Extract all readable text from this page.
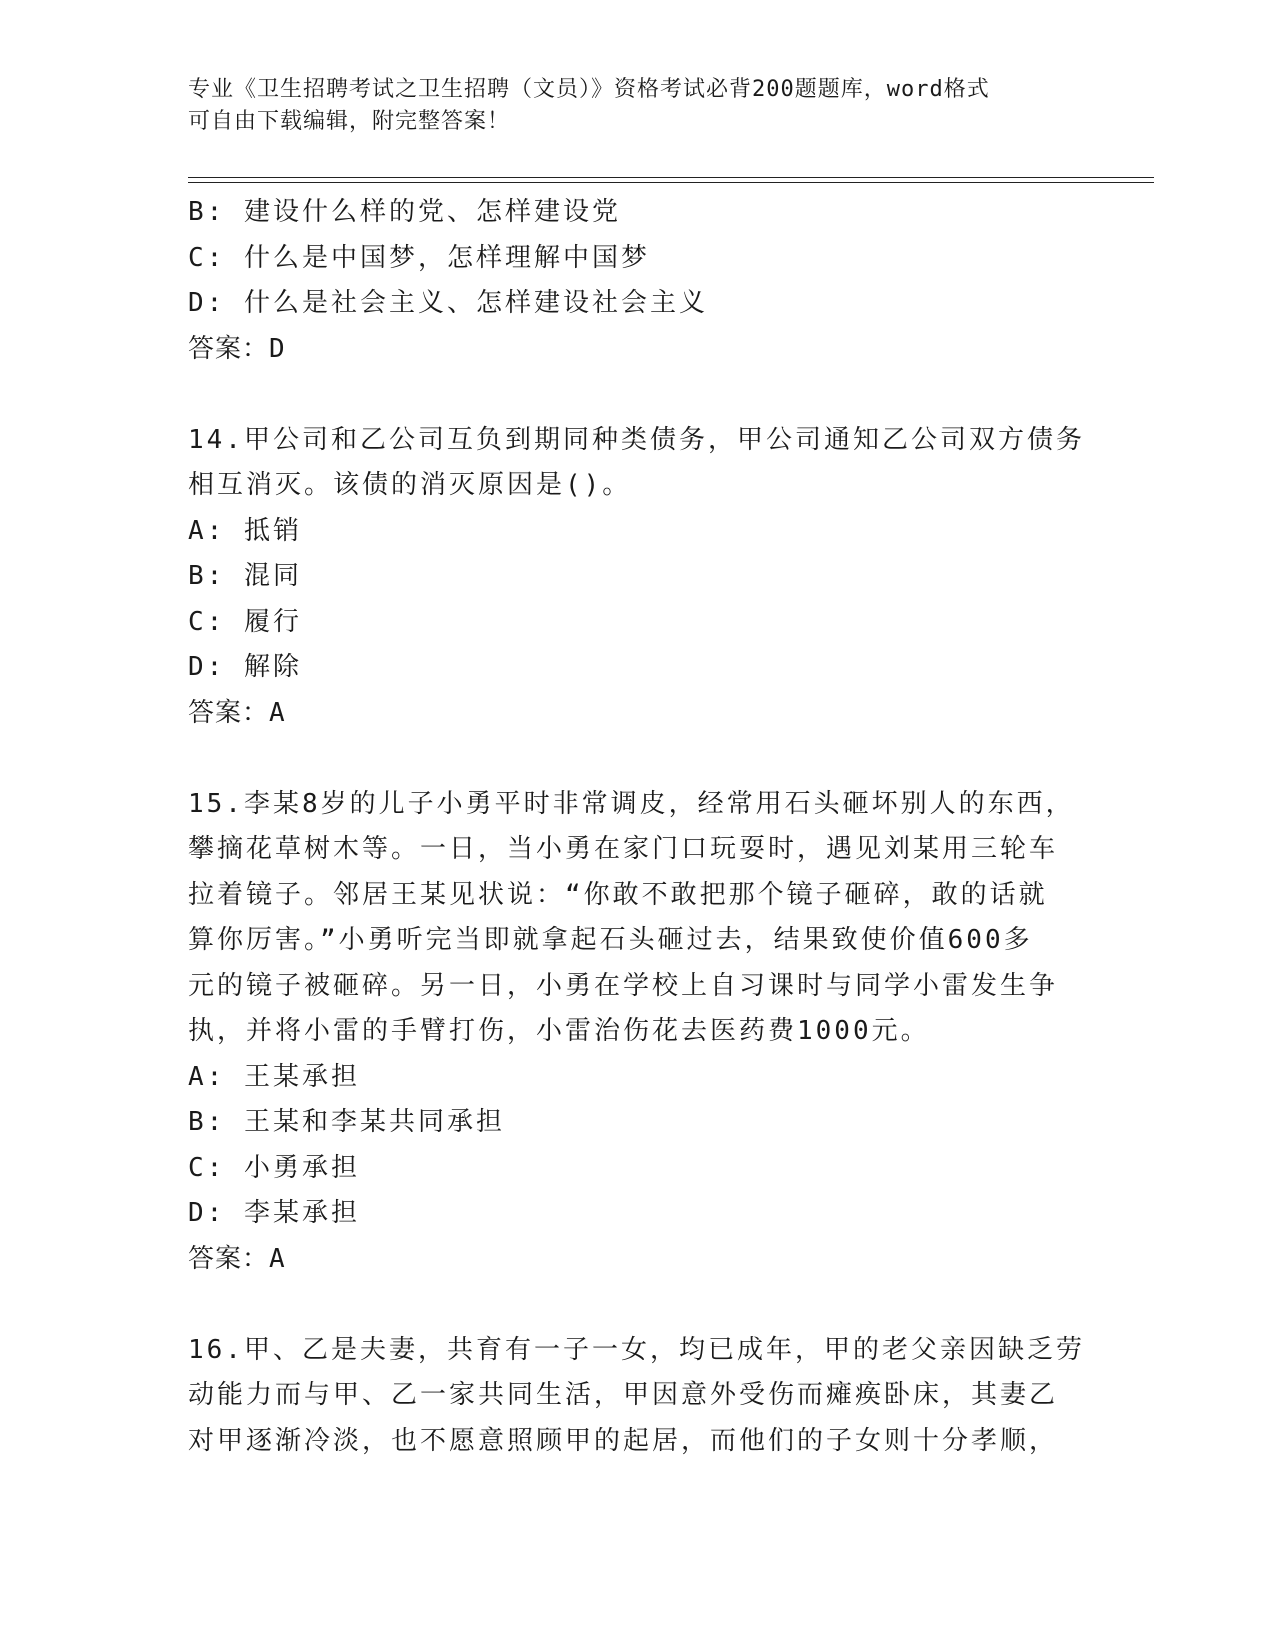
专业《卫生招聘考试之卫生招聘（文员）》资格考试必背200题题库，word格式
可自由下载编辑，附完整答案！
B: 建设什么样的党、怎样建设党
C: 什么是中国梦，怎样理解中国梦
D: 什么是社会主义、怎样建设社会主义
答案：D
14.甲公司和乙公司互负到期同种类债务，甲公司通知乙公司双方债务
相互消灭。该债的消灭原因是()。
A: 抵销
B: 混同
C: 履行
D: 解除
答案：A
15.李某8岁的儿子小勇平时非常调皮，经常用石头砸坏别人的东西，
攀摘花草树木等。一日，当小勇在家门口玩耍时，遇见刘某用三轮车
拉着镜子。邻居王某见状说：“你敢不敢把那个镜子砸碎，敢的话就
算你厉害。”小勇听完当即就拿起石头砸过去，结果致使价值600多
元的镜子被砸碎。另一日，小勇在学校上自习课时与同学小雷发生争
执，并将小雷的手臂打伤，小雷治伤花去医药费1000元。
A: 王某承担
B: 王某和李某共同承担
C: 小勇承担
D: 李某承担
答案：A
16.甲、乙是夫妻，共育有一子一女，均已成年，甲的老父亲因缺乏劳
动能力而与甲、乙一家共同生活，甲因意外受伤而瘫痪卧床，其妻乙
对甲逐渐冷淡，也不愿意照顾甲的起居，而他们的子女则十分孝顺，
